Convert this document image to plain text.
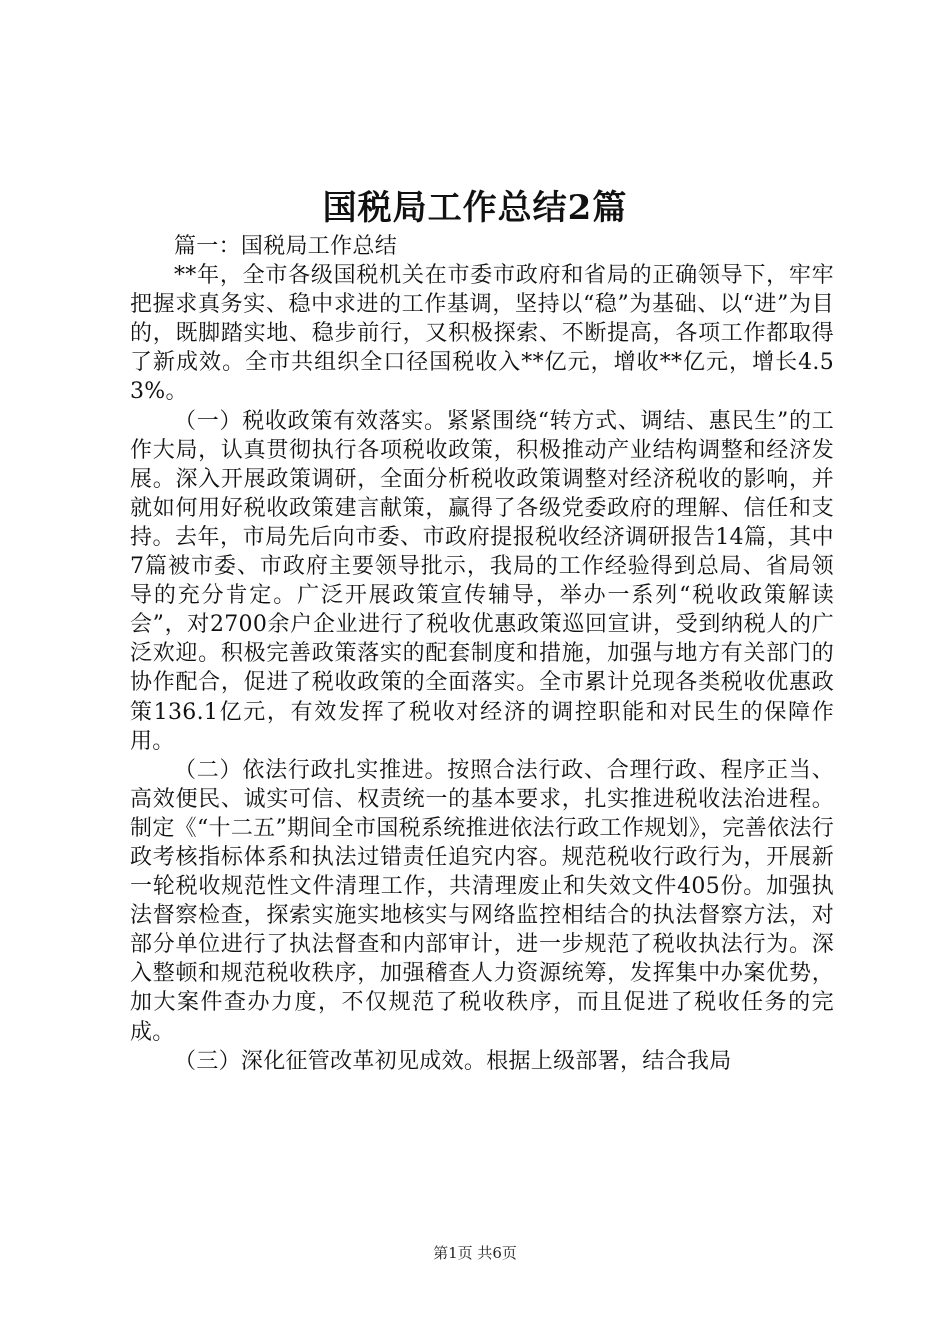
国税局工作总结2篇

篇一：国税局工作总结

**年，全市各级国税机关在市委市政府和省局的正确领导下，牢牢把握求真务实、稳中求进的工作基调，坚持以“稳”为基础、以“进”为目的，既脚踏实地、稳步前行，又积极探索、不断提高，各项工作都取得了新成效。全市共组织全口径国税收入**亿元，增收**亿元，增长4.53%。

（一）税收政策有效落实。紧紧围绕“转方式、调结、惠民生”的工作大局，认真贯彻执行各项税收政策，积极推动产业结构调整和经济发展。深入开展政策调研，全面分析税收政策调整对经济税收的影响，并就如何用好税收政策建言献策，赢得了各级党委政府的理解、信任和支持。去年，市局先后向市委、市政府提报税收经济调研报告14篇，其中7篇被市委、市政府主要领导批示，我局的工作经验得到总局、省局领导的充分肯定。广泛开展政策宣传辅导，举办一系列“税收政策解读会”，对2700余户企业进行了税收优惠政策巡回宣讲，受到纳税人的广泛欢迎。积极完善政策落实的配套制度和措施，加强与地方有关部门的协作配合，促进了税收政策的全面落实。全市累计兑现各类税收优惠政策136.1亿元，有效发挥了税收对经济的调控职能和对民生的保障作用。

（二）依法行政扎实推进。按照合法行政、合理行政、程序正当、高效便民、诚实可信、权责统一的基本要求，扎实推进税收法治进程。制定《“十二五”期间全市国税系统推进依法行政工作规划》，完善依法行政考核指标体系和执法过错责任追究内容。规范税收行政行为，开展新一轮税收规范性文件清理工作，共清理废止和失效文件405份。加强执法督察检查，探索实施实地核实与网络监控相结合的执法督察方法，对部分单位进行了执法督查和内部审计，进一步规范了税收执法行为。深入整顿和规范税收秩序，加强稽查人力资源统筹，发挥集中办案优势，加大案件查办力度，不仅规范了税收秩序，而且促进了税收任务的完成。

（三）深化征管改革初见成效。根据上级部署，结合我局

第1页 共6页
